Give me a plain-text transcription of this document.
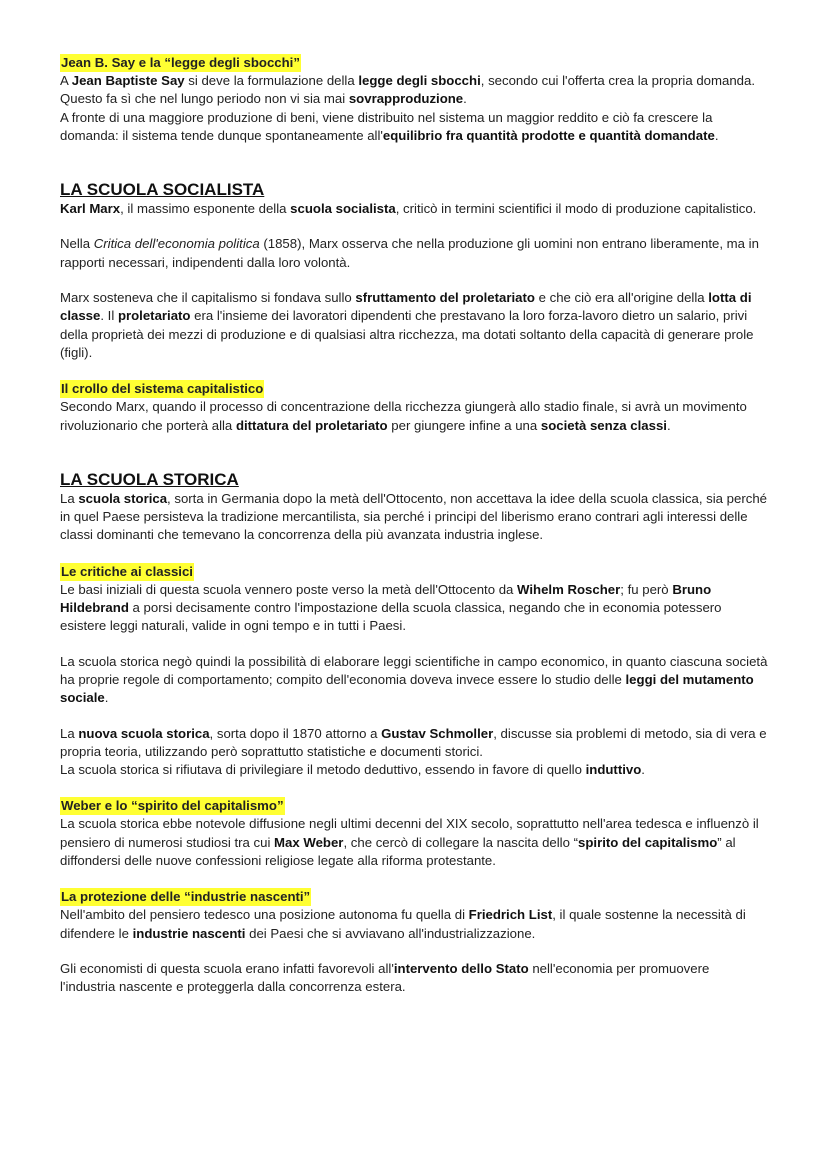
Jean B. Say e la “legge degli sbocchi”

A Jean Baptiste Say si deve la formulazione della legge degli sbocchi, secondo cui l'offerta crea la propria domanda. Questo fa sì che nel lungo periodo non vi sia mai sovrapproduzione.

A fronte di una maggiore produzione di beni, viene distribuito nel sistema un maggior reddito e ciò fa crescere la domanda: il sistema tende dunque spontaneamente all'equilibrio fra quantità prodotte e quantità domandate.

LA SCUOLA SOCIALISTA

Karl Marx, il massimo esponente della scuola socialista, criticò in termini scientifici il modo di produzione capitalistico.

Nella Critica dell'economia politica (1858), Marx osserva che nella produzione gli uomini non entrano liberamente, ma in rapporti necessari, indipendenti dalla loro volontà.

Marx sosteneva che il capitalismo si fondava sullo sfruttamento del proletariato e che ciò era all'origine della lotta di classe. Il proletariato era l'insieme dei lavoratori dipendenti che prestavano la loro forza-lavoro dietro un salario, privi della proprietà dei mezzi di produzione e di qualsiasi altra ricchezza, ma dotati soltanto della capacità di generare prole (figli).

Il crollo del sistema capitalistico

Secondo Marx, quando il processo di concentrazione della ricchezza giungerà allo stadio finale, si avrà un movimento rivoluzionario che porterà alla dittatura del proletariato per giungere infine a una società senza classi.

LA SCUOLA STORICA

La scuola storica, sorta in Germania dopo la metà dell'Ottocento, non accettava la idee della scuola classica, sia perché in quel Paese persisteva la tradizione mercantilista, sia perché i principi del liberismo erano contrari agli interessi delle classi dominanti che temevano la concorrenza della più avanzata industria inglese.

Le critiche ai classici

Le basi iniziali di questa scuola vennero poste verso la metà dell'Ottocento da Wihelm Roscher; fu però Bruno Hildebrand a porsi decisamente contro l'impostazione della scuola classica, negando che in economia potessero esistere leggi naturali, valide in ogni tempo e in tutti i Paesi.

La scuola storica negò quindi la possibilità di elaborare leggi scientifiche in campo economico, in quanto ciascuna società ha proprie regole di comportamento; compito dell'economia doveva invece essere lo studio delle leggi del mutamento sociale.

La nuova scuola storica, sorta dopo il 1870 attorno a Gustav Schmoller, discusse sia problemi di metodo, sia di vera e propria teoria, utilizzando però soprattutto statistiche e documenti storici.

La scuola storica si rifiutava di privilegiare il metodo deduttivo, essendo in favore di quello induttivo.

Weber e lo “spirito del capitalismo”

La scuola storica ebbe notevole diffusione negli ultimi decenni del XIX secolo, soprattutto nell'area tedesca e influenzò il pensiero di numerosi studiosi tra cui Max Weber, che cercò di collegare la nascita dello “spirito del capitalismo” al diffondersi delle nuove confessioni religiose legate alla riforma protestante.

La protezione delle “industrie nascenti”

Nell'ambito del pensiero tedesco una posizione autonoma fu quella di Friedrich List, il quale sostenne la necessità di difendere le industrie nascenti dei Paesi che si avviavano all'industrializzazione.

Gli economisti di questa scuola erano infatti favorevoli all'intervento dello Stato nell'economia per promuovere l'industria nascente e proteggerla dalla concorrenza estera.
